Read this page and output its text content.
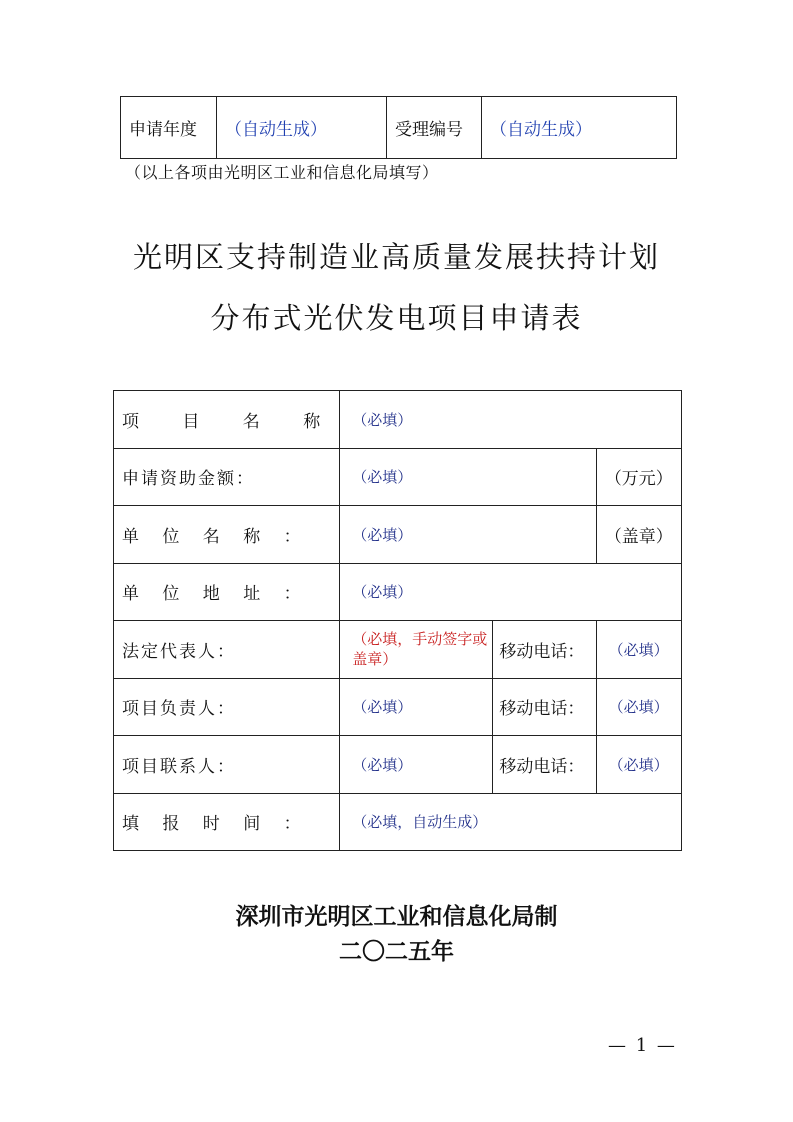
申请年度	（自动生成）	受理编号	（自动生成）
（以上各项由光明区工业和信息化局填写）
光明区支持制造业高质量发展扶持计划
分布式光伏发电项目申请表
项 目 名 称	（必填）		
申请资助金额：	（必填）		（万元）
单 位 名 称 ：	（必填）		（盖章）
单 位 地 址 ：	（必填）		
法定代表人：	（必填，手动签字或盖章）	移动电话：	（必填）
项目负责人：	（必填）	移动电话：	（必填）
项目联系人：	（必填）	移动电话：	（必填）
填 报 时 间 ：	（必填，自动生成）		
深圳市光明区工业和信息化局制
二〇二五年
— 1 —
